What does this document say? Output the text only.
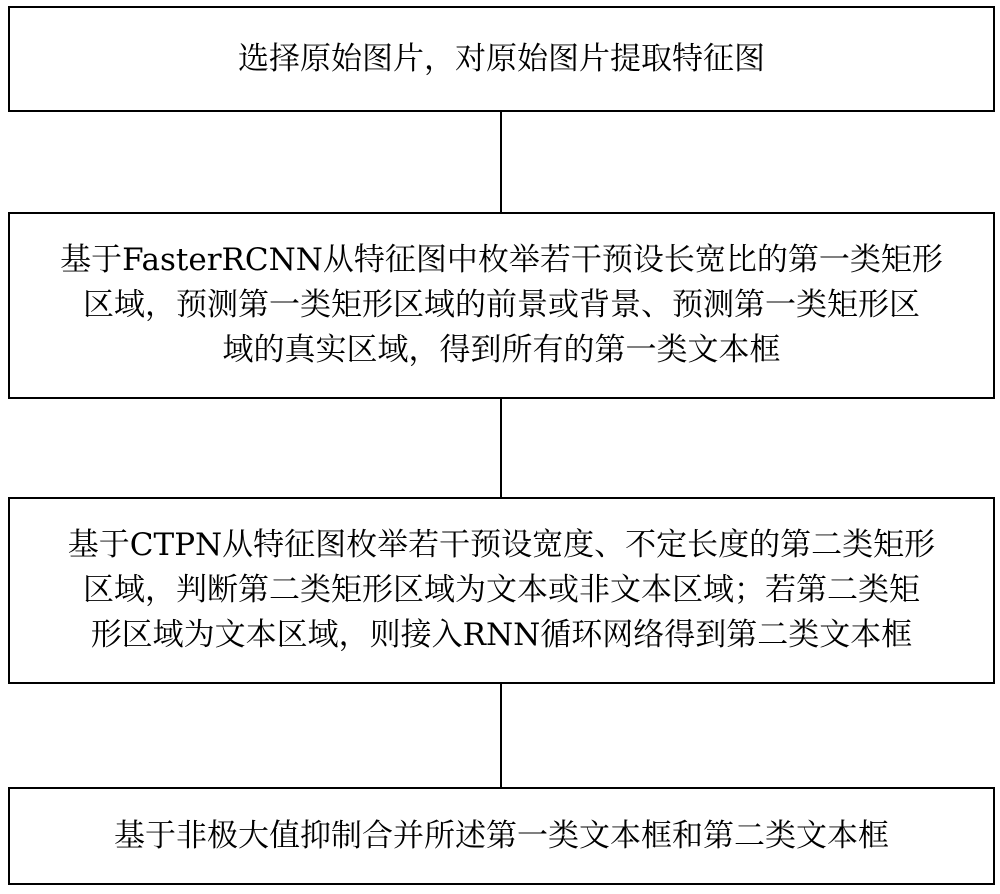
选择原始图片，对原始图片提取特征图
基于FasterRCNN从特征图中枚举若干预设长宽比的第一类矩形
区域，预测第一类矩形区域的前景或背景、预测第一类矩形区
域的真实区域，得到所有的第一类文本框
基于CTPN从特征图枚举若干预设宽度、不定长度的第二类矩形
区域，判断第二类矩形区域为文本或非文本区域；若第二类矩
形区域为文本区域，则接入RNN循环网络得到第二类文本框
基于非极大值抑制合并所述第一类文本框和第二类文本框
